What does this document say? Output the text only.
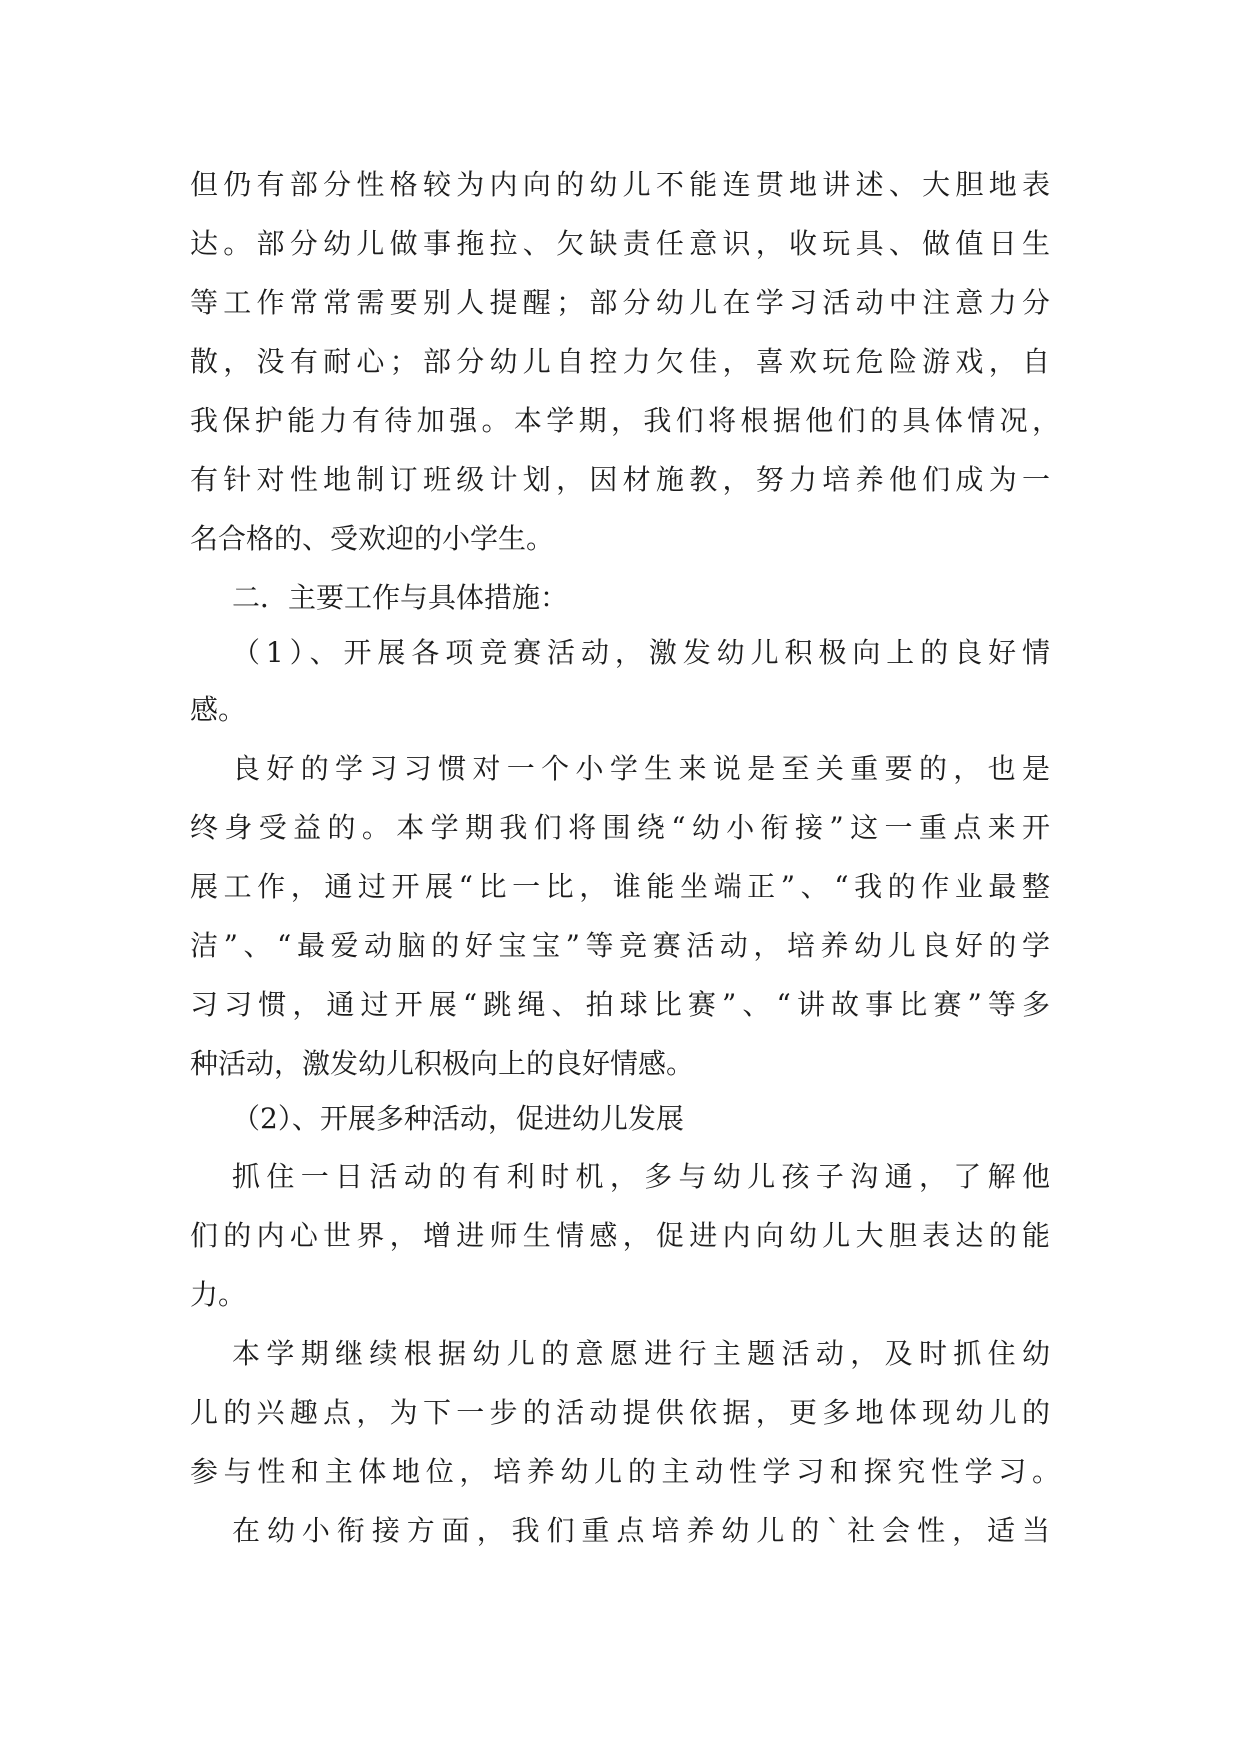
但仍有部分性格较为内向的幼儿不能连贯地讲述、大胆地表
达。部分幼儿做事拖拉、欠缺责任意识，收玩具、做值日生
等工作常常需要别人提醒；部分幼儿在学习活动中注意力分
散，没有耐心；部分幼儿自控力欠佳，喜欢玩危险游戏，自
我保护能力有待加强。本学期，我们将根据他们的具体情况，
有针对性地制订班级计划，因材施教，努力培养他们成为一
名合格的、受欢迎的小学生。
二．主要工作与具体措施：
（1）、开展各项竞赛活动，激发幼儿积极向上的良好情
感。
良好的学习习惯对一个小学生来说是至关重要的，也是
终身受益的。本学期我们将围绕“幼小衔接”这一重点来开
展工作，通过开展“比一比，谁能坐端正”、“我的作业最整
洁”、“最爱动脑的好宝宝”等竞赛活动，培养幼儿良好的学
习习惯，通过开展“跳绳、拍球比赛”、“讲故事比赛”等多
种活动，激发幼儿积极向上的良好情感。
（2）、开展多种活动，促进幼儿发展
抓住一日活动的有利时机，多与幼儿孩子沟通，了解他
们的内心世界，增进师生情感，促进内向幼儿大胆表达的能
力。
本学期继续根据幼儿的意愿进行主题活动，及时抓住幼
儿的兴趣点，为下一步的活动提供依据，更多地体现幼儿的
参与性和主体地位，培养幼儿的主动性学习和探究性学习。
在幼小衔接方面，我们重点培养幼儿的`社会性，适当
